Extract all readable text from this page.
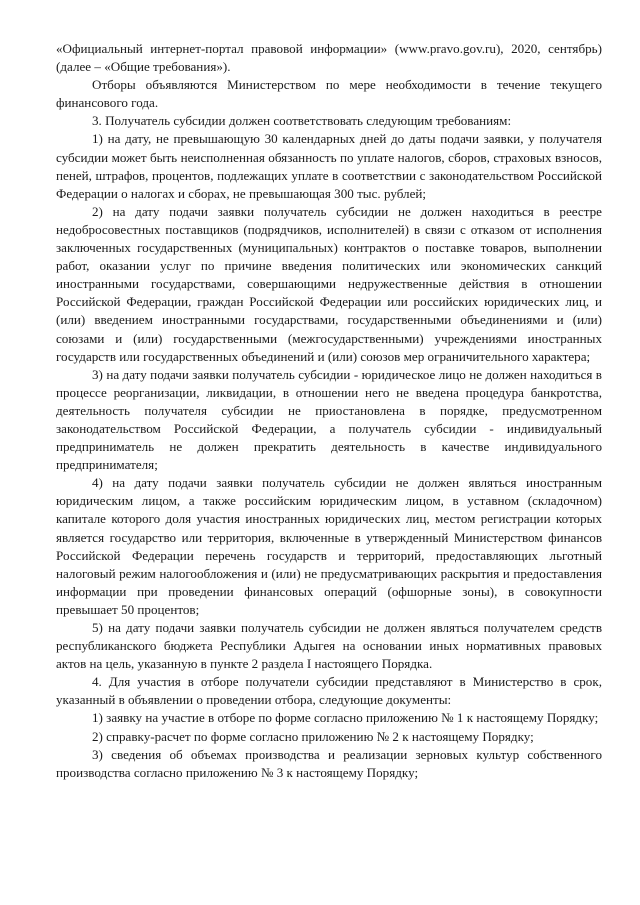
«Официальный интернет-портал правовой информации» (www.pravo.gov.ru), 2020, сентябрь) (далее – «Общие требования»).

Отборы объявляются Министерством по мере необходимости в течение текущего финансового года.

3. Получатель субсидии должен соответствовать следующим требованиям:

1) на дату, не превышающую 30 календарных дней до даты подачи заявки, у получателя субсидии может быть неисполненная обязанность по уплате налогов, сборов, страховых взносов, пеней, штрафов, процентов, подлежащих уплате в соответствии с законодательством Российской Федерации о налогах и сборах, не превышающая 300 тыс. рублей;

2) на дату подачи заявки получатель субсидии не должен находиться в реестре недобросовестных поставщиков (подрядчиков, исполнителей) в связи с отказом от исполнения заключенных государственных (муниципальных) контрактов о поставке товаров, выполнении работ, оказании услуг по причине введения политических или экономических санкций иностранными государствами, совершающими недружественные действия в отношении Российской Федерации, граждан Российской Федерации или российских юридических лиц, и (или) введением иностранными государствами, государственными объединениями и (или) союзами и (или) государственными (межгосударственными) учреждениями иностранных государств или государственных объединений и (или) союзов мер ограничительного характера;

3) на дату подачи заявки получатель субсидии - юридическое лицо не должен находиться в процессе реорганизации, ликвидации, в отношении него не введена процедура банкротства, деятельность получателя субсидии не приостановлена в порядке, предусмотренном законодательством Российской Федерации, а получатель субсидии - индивидуальный предприниматель не должен прекратить деятельность в качестве индивидуального предпринимателя;

4) на дату подачи заявки получатель субсидии не должен являться иностранным юридическим лицом, а также российским юридическим лицом, в уставном (складочном) капитале которого доля участия иностранных юридических лиц, местом регистрации которых является государство или территория, включенные в утвержденный Министерством финансов Российской Федерации перечень государств и территорий, предоставляющих льготный налоговый режим налогообложения и (или) не предусматривающих раскрытия и предоставления информации при проведении финансовых операций (офшорные зоны), в совокупности превышает 50 процентов;

5) на дату подачи заявки получатель субсидии не должен являться получателем средств республиканского бюджета Республики Адыгея на основании иных нормативных правовых актов на цель, указанную в пункте 2 раздела I настоящего Порядка.

4. Для участия в отборе получатели субсидии представляют в Министерство в срок, указанный в объявлении о проведении отбора, следующие документы:

1) заявку на участие в отборе по форме согласно приложению № 1 к настоящему Порядку;

2) справку-расчет по форме согласно приложению № 2 к настоящему Порядку;

3) сведения об объемах производства и реализации зерновых культур собственного производства согласно приложению № 3 к настоящему Порядку;
